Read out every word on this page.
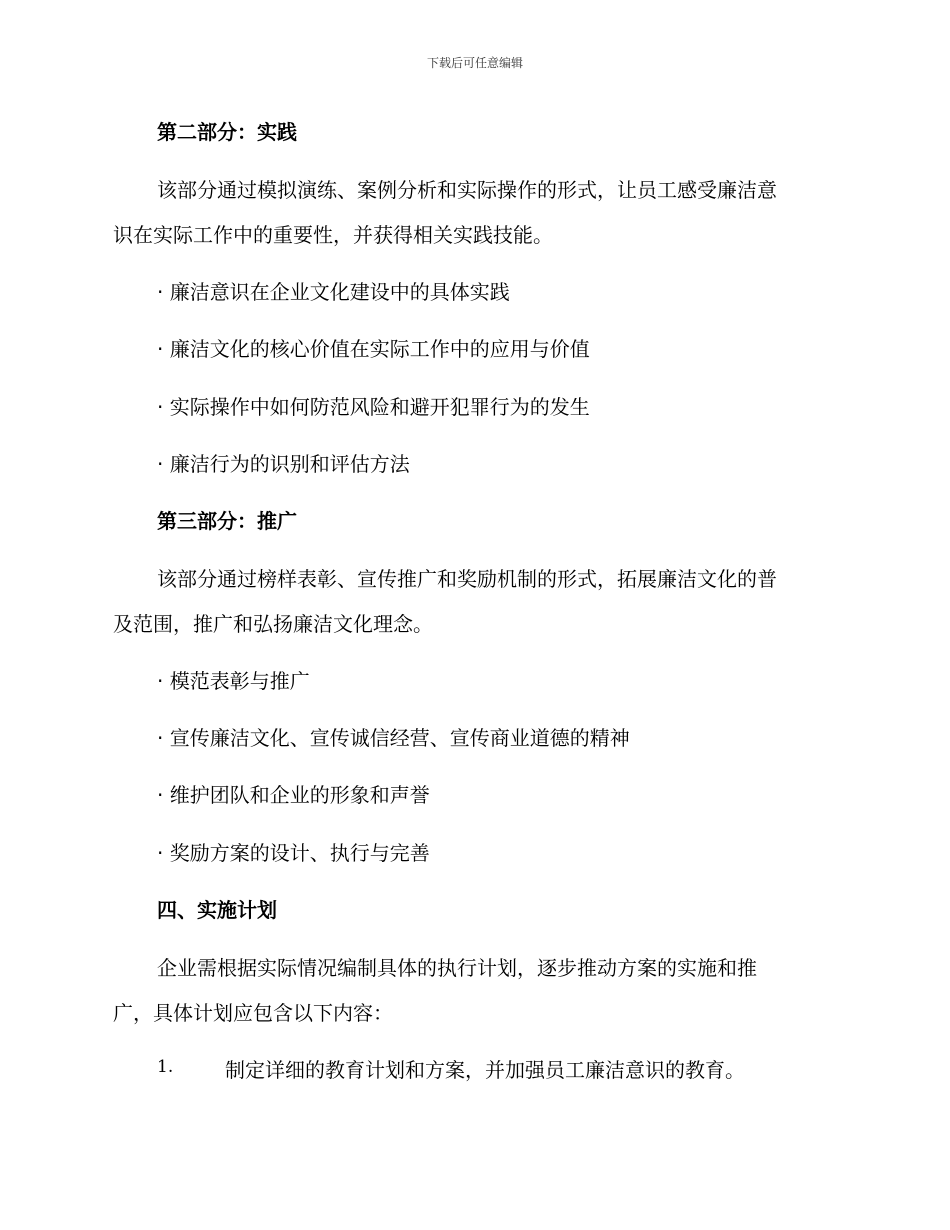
下载后可任意编辑
第二部分：实践
该部分通过模拟演练、案例分析和实际操作的形式，让员工感受廉洁意
识在实际工作中的重要性，并获得相关实践技能。
· 廉洁意识在企业文化建设中的具体实践
· 廉洁文化的核心价值在实际工作中的应用与价值
· 实际操作中如何防范风险和避开犯罪行为的发生
· 廉洁行为的识别和评估方法
第三部分：推广
该部分通过榜样表彰、宣传推广和奖励机制的形式，拓展廉洁文化的普
及范围，推广和弘扬廉洁文化理念。
· 模范表彰与推广
· 宣传廉洁文化、宣传诚信经营、宣传商业道德的精神
· 维护团队和企业的形象和声誉
· 奖励方案的设计、执行与完善
四、实施计划
企业需根据实际情况编制具体的执行计划，逐步推动方案的实施和推
广，具体计划应包含以下内容：
1.	制定详细的教育计划和方案，并加强员工廉洁意识的教育。
